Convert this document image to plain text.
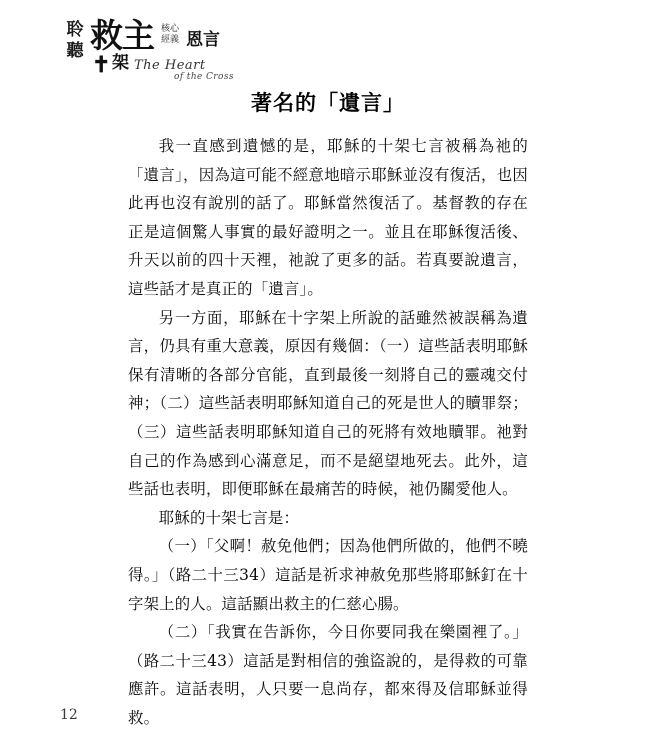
聆聽 救主 核心經義 恩言
✝ 架 The Heart
of the Cross
著名的「遺言」

我一直感到遺憾的是，耶穌的十架七言被稱為祂的「遺言」，因為這可能不經意地暗示耶穌並沒有復活，也因此再也沒有說別的話了。耶穌當然復活了。基督教的存在正是這個驚人事實的最好證明之一。並且在耶穌復活後、升天以前的四十天裡，祂說了更多的話。若真要說遺言，這些話才是真正的「遺言」。

另一方面，耶穌在十字架上所說的話雖然被誤稱為遺言，仍具有重大意義，原因有幾個：（一）這些話表明耶穌保有清晰的各部分官能，直到最後一刻將自己的靈魂交付神；（二）這些話表明耶穌知道自己的死是世人的贖罪祭；（三）這些話表明耶穌知道自己的死將有效地贖罪。祂對自己的作為感到心滿意足，而不是絕望地死去。此外，這些話也表明，即便耶穌在最痛苦的時候，祂仍關愛他人。

耶穌的十架七言是：

（一）「父啊！赦免他們；因為他們所做的，他們不曉得。」（路二十三34）這話是祈求神赦免那些將耶穌釘在十字架上的人。這話顯出救主的仁慈心腸。

（二）「我實在告訴你，今日你要同我在樂園裡了。」（路二十三43）這話是對相信的強盜說的，是得救的可靠應許。這話表明，人只要一息尚存，都來得及信耶穌並得救。

12
